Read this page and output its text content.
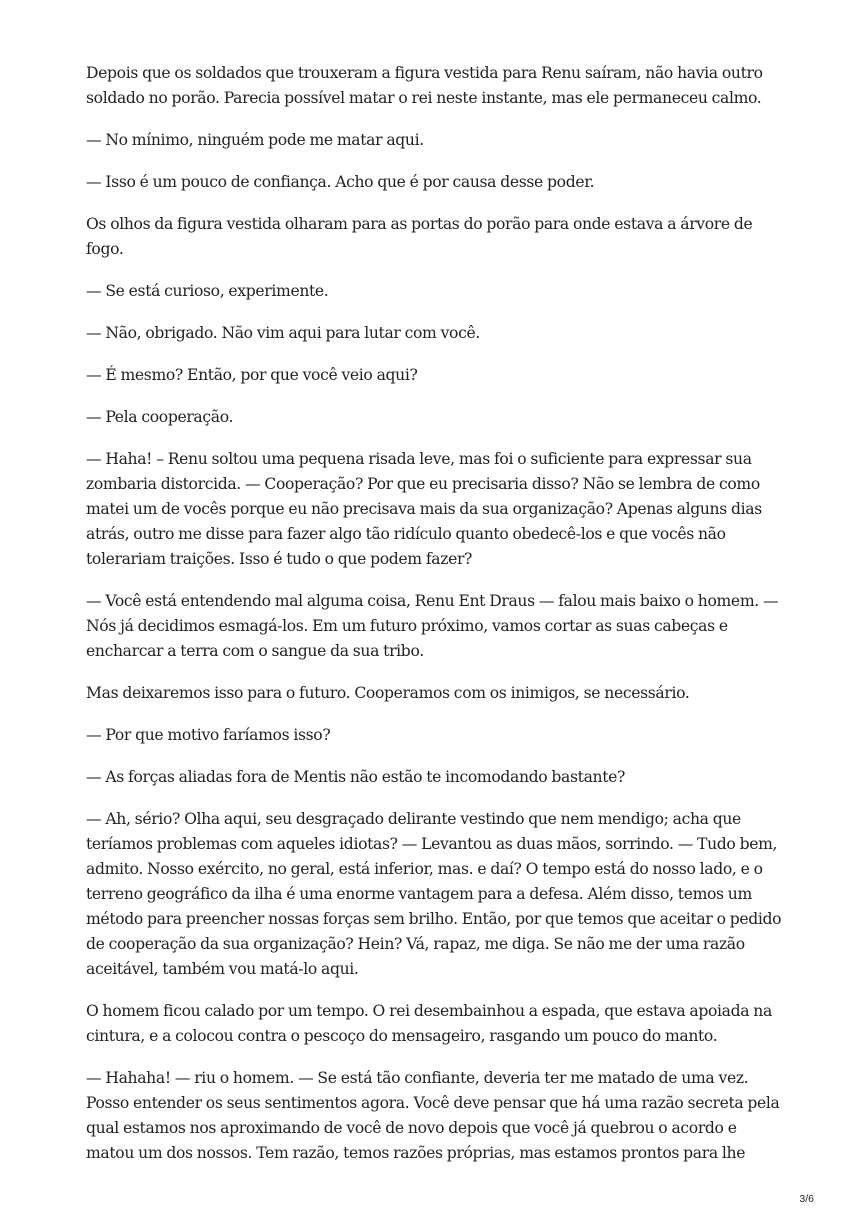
Depois que os soldados que trouxeram a figura vestida para Renu saíram, não havia outro soldado no porão. Parecia possível matar o rei neste instante, mas ele permaneceu calmo.

— No mínimo, ninguém pode me matar aqui.

— Isso é um pouco de confiança. Acho que é por causa desse poder.

Os olhos da figura vestida olharam para as portas do porão para onde estava a árvore de fogo.

— Se está curioso, experimente.

— Não, obrigado. Não vim aqui para lutar com você.

— É mesmo? Então, por que você veio aqui?

— Pela cooperação.

— Haha! – Renu soltou uma pequena risada leve, mas foi o suficiente para expressar sua zombaria distorcida. — Cooperação? Por que eu precisaria disso? Não se lembra de como matei um de vocês porque eu não precisava mais da sua organização? Apenas alguns dias atrás, outro me disse para fazer algo tão ridículo quanto obedecê-los e que vocês não tolerariam traições. Isso é tudo o que podem fazer?

— Você está entendendo mal alguma coisa, Renu Ent Draus — falou mais baixo o homem. — Nós já decidimos esmagá-los. Em um futuro próximo, vamos cortar as suas cabeças e encharcar a terra com o sangue da sua tribo.

Mas deixaremos isso para o futuro. Cooperamos com os inimigos, se necessário.

— Por que motivo faríamos isso?

— As forças aliadas fora de Mentis não estão te incomodando bastante?

— Ah, sério? Olha aqui, seu desgraçado delirante vestindo que nem mendigo; acha que teríamos problemas com aqueles idiotas? — Levantou as duas mãos, sorrindo. — Tudo bem, admito. Nosso exército, no geral, está inferior, mas. e daí? O tempo está do nosso lado, e o terreno geográfico da ilha é uma enorme vantagem para a defesa. Além disso, temos um método para preencher nossas forças sem brilho. Então, por que temos que aceitar o pedido de cooperação da sua organização? Hein? Vá, rapaz, me diga. Se não me der uma razão aceitável, também vou matá-lo aqui.

O homem ficou calado por um tempo. O rei desembainhou a espada, que estava apoiada na cintura, e a colocou contra o pescoço do mensageiro, rasgando um pouco do manto.

— Hahaha! — riu o homem. — Se está tão confiante, deveria ter me matado de uma vez. Posso entender os seus sentimentos agora. Você deve pensar que há uma razão secreta pela qual estamos nos aproximando de você de novo depois que você já quebrou o acordo e matou um dos nossos. Tem razão, temos razões próprias, mas estamos prontos para lhe

3/6
